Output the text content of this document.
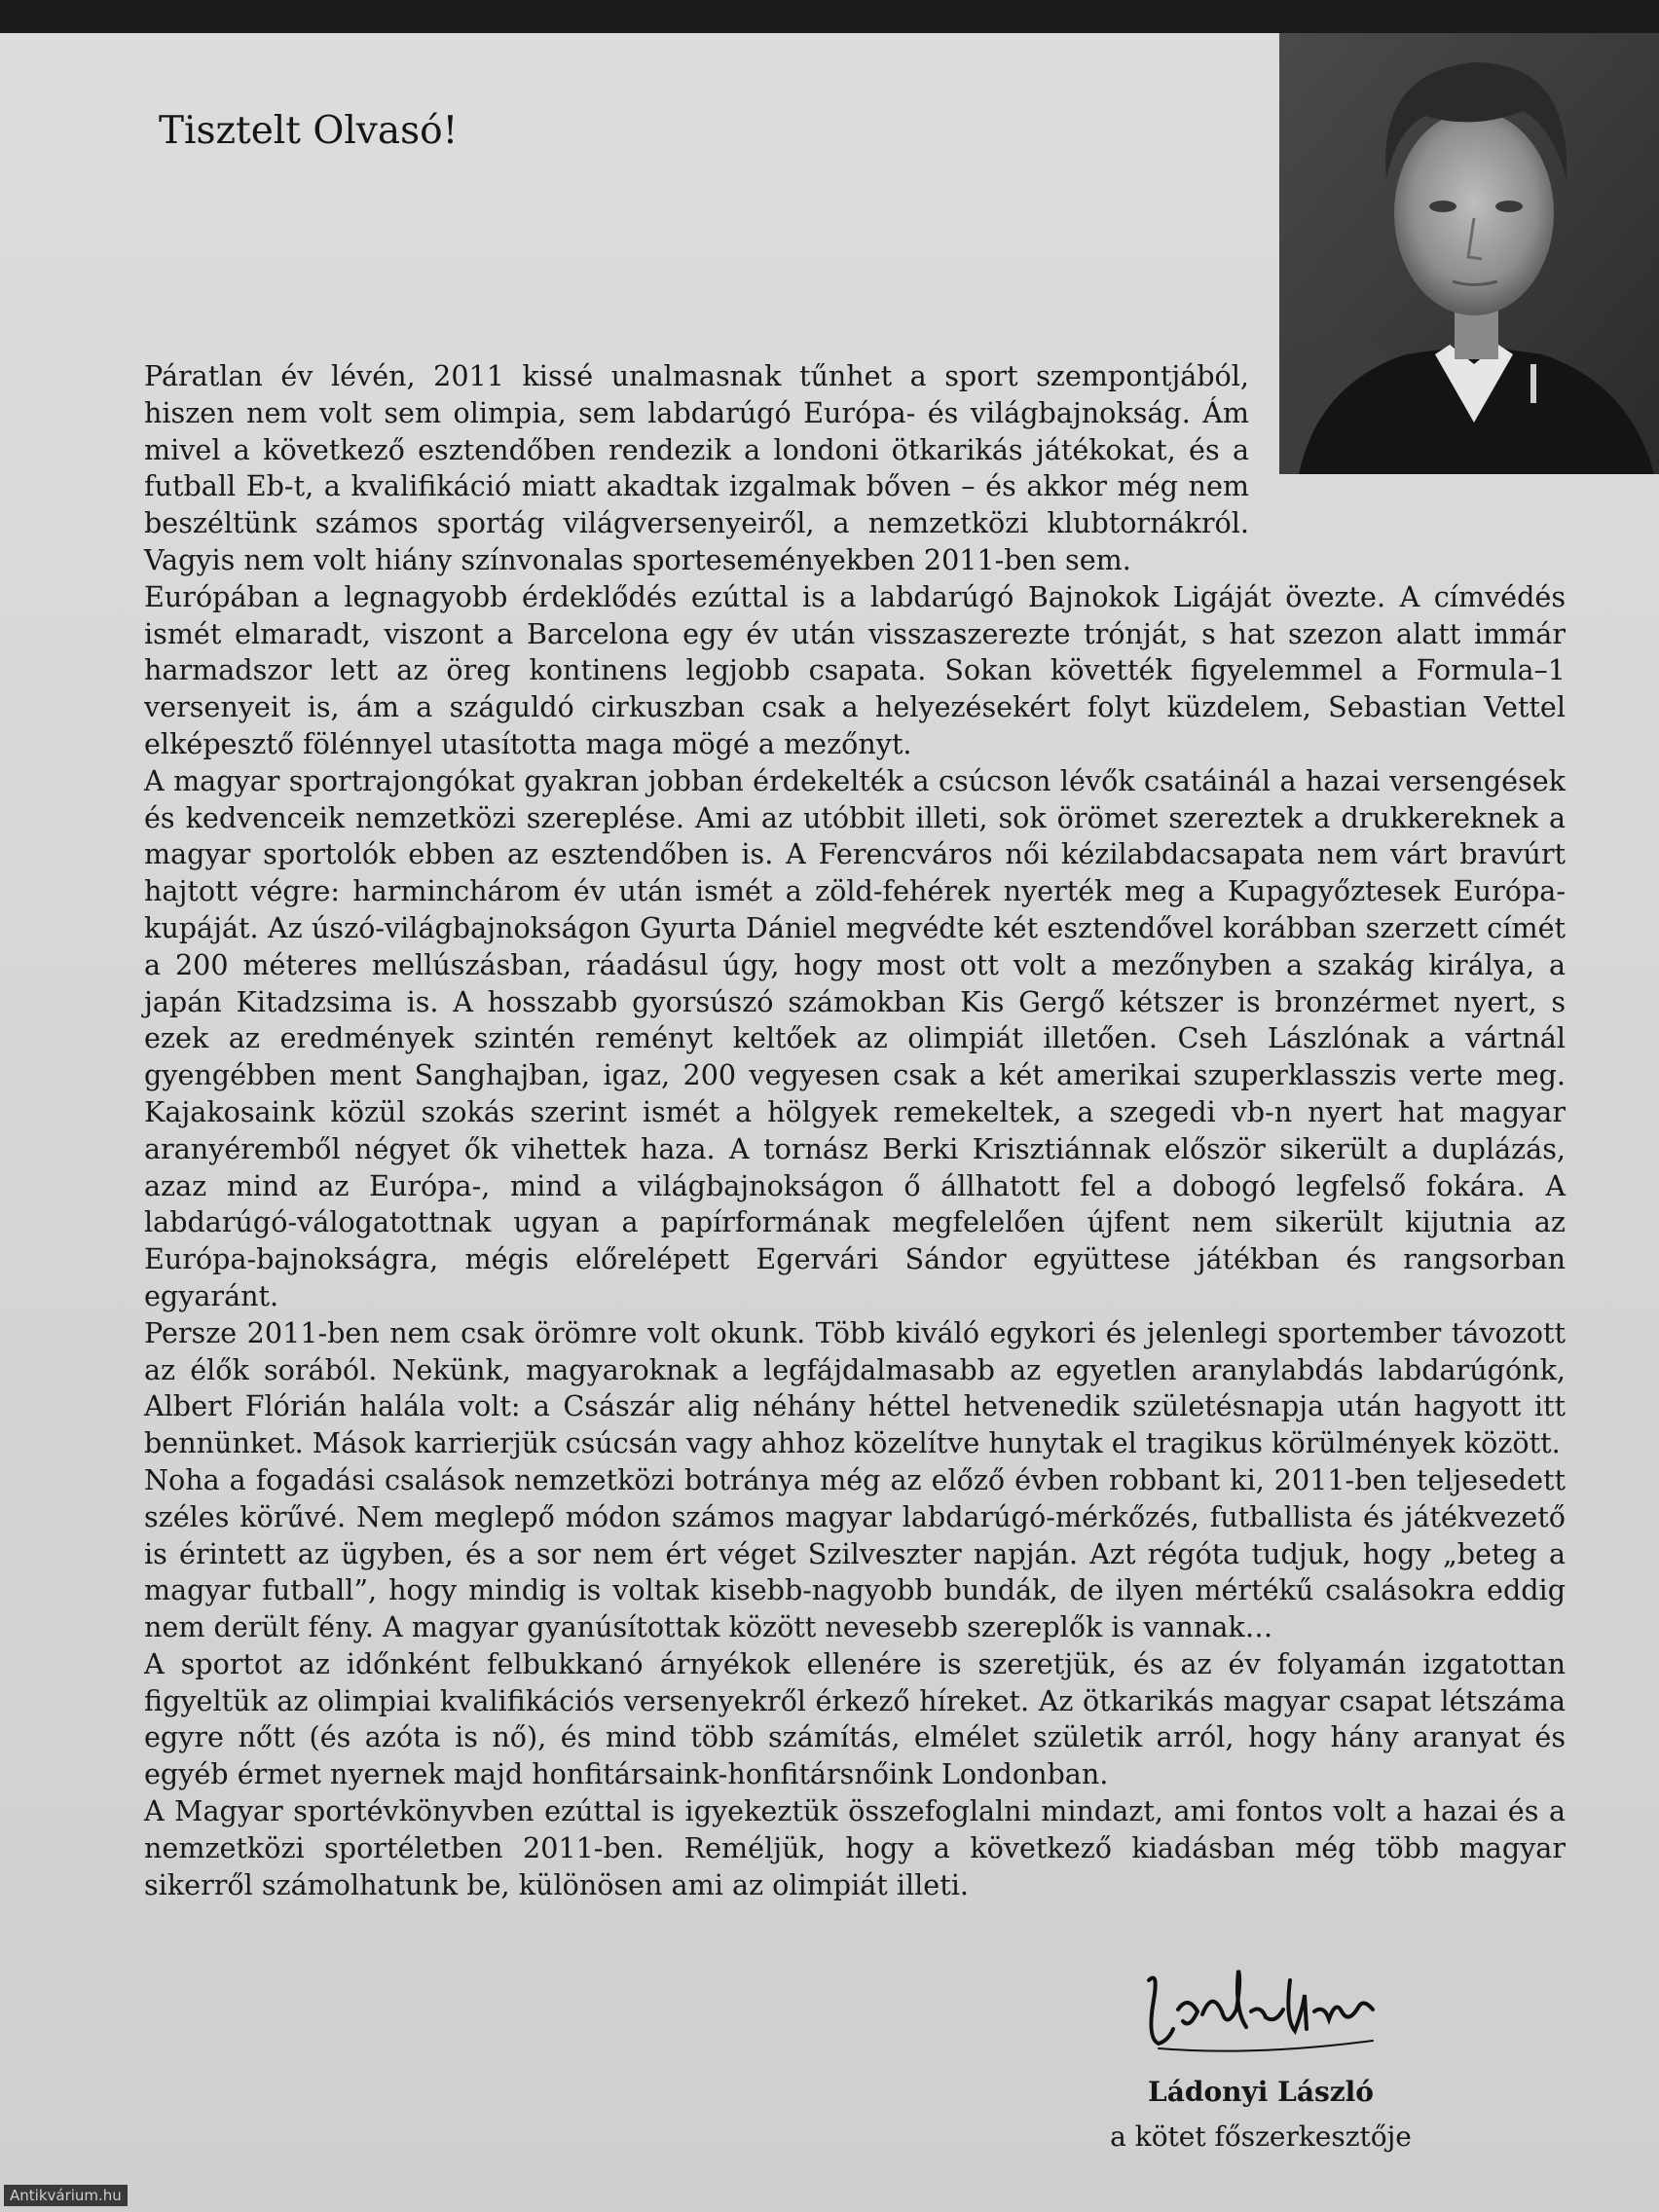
Tisztelt Olvasó!

Páratlan év lévén, 2011 kissé unalmasnak tűnhet a sport szempontjából, hiszen nem volt sem olimpia, sem labdarúgó Európa- és világbajnokság. Ám mivel a következő esztendőben rendezik a londoni ötkarikás játékokat, és a futball Eb-t, a kvalifikáció miatt akadtak izgalmak bőven – és akkor még nem beszéltünk számos sportág világversenyeiről, a nemzetközi klubtornákról. Vagyis nem volt hiány színvonalas sporteseményekben 2011-ben sem.

Európában a legnagyobb érdeklődés ezúttal is a labdarúgó Bajnokok Ligáját övezte. A címvédés ismét elmaradt, viszont a Barcelona egy év után visszaszerezte trónját, s hat szezon alatt immár harmadszor lett az öreg kontinens legjobb csapata. Sokan követték figyelemmel a Formula–1 versenyeit is, ám a száguldó cirkuszban csak a helyezésekért folyt küzdelem, Sebastian Vettel elképesztő fölénnyel utasította maga mögé a mezőnyt.

A magyar sportrajongókat gyakran jobban érdekelték a csúcson lévők csatáinál a hazai versengések és kedvenceik nemzetközi szereplése. Ami az utóbbit illeti, sok örömet szereztek a drukkereknek a magyar sportolók ebben az esztendőben is. A Ferencváros női kézilabdacsapata nem várt bravúrt hajtott végre: harminchárom év után ismét a zöld-fehérek nyerték meg a Kupagyőztesek Európa-kupáját. Az úszó-világbajnokságon Gyurta Dániel megvédte két esztendővel korábban szerzett címét a 200 méteres mellúszásban, ráadásul úgy, hogy most ott volt a mezőnyben a szakág királya, a japán Kitadzsima is. A hosszabb gyorsúszó számokban Kis Gergő kétszer is bronzérmet nyert, s ezek az eredmények szintén reményt keltőek az olimpiát illetően. Cseh Lászlónak a vártnál gyengébben ment Sanghajban, igaz, 200 vegyesen csak a két amerikai szuperklasszis verte meg. Kajakosaink közül szokás szerint ismét a hölgyek remekeltek, a szegedi vb-n nyert hat magyar aranyéremből négyet ők vihettek haza. A tornász Berki Krisztiánnak először sikerült a duplázás, azaz mind az Európa-, mind a világbajnokságon ő állhatott fel a dobogó legfelső fokára. A labdarúgó-válogatottnak ugyan a papírformának megfelelően újfent nem sikerült kijutnia az Európa-bajnokságra, mégis előrelépett Egervári Sándor együttese játékban és rangsorban egyaránt.

Persze 2011-ben nem csak örömre volt okunk. Több kiváló egykori és jelenlegi sportember távozott az élők sorából. Nekünk, magyaroknak a legfájdalmasabb az egyetlen aranylabdás labdarúgónk, Albert Flórián halála volt: a Császár alig néhány héttel hetvenedik születésnapja után hagyott itt bennünket. Mások karrierjük csúcsán vagy ahhoz közelítve hunytak el tragikus körülmények között.

Noha a fogadási csalások nemzetközi botránya még az előző évben robbant ki, 2011-ben teljesedett széles körűvé. Nem meglepő módon számos magyar labdarúgó-mérkőzés, futballista és játékvezető is érintett az ügyben, és a sor nem ért véget Szilveszter napján. Azt régóta tudjuk, hogy „beteg a magyar futball”, hogy mindig is voltak kisebb-nagyobb bundák, de ilyen mértékű csalásokra eddig nem derült fény. A magyar gyanúsítottak között nevesebb szereplők is vannak…

A sportot az időnként felbukkanó árnyékok ellenére is szeretjük, és az év folyamán izgatottan figyeltük az olimpiai kvalifikációs versenyekről érkező híreket. Az ötkarikás magyar csapat létszáma egyre nőtt (és azóta is nő), és mind több számítás, elmélet születik arról, hogy hány aranyat és egyéb érmet nyernek majd honfitársaink-honfitársnőink Londonban.

A Magyar sportévkönyvben ezúttal is igyekeztük összefoglalni mindazt, ami fontos volt a hazai és a nemzetközi sportéletben 2011-ben. Reméljük, hogy a következő kiadásban még több magyar sikerről számolhatunk be, különösen ami az olimpiát illeti.

Ládonyi László
a kötet főszerkesztője
Antikvárium.hu
